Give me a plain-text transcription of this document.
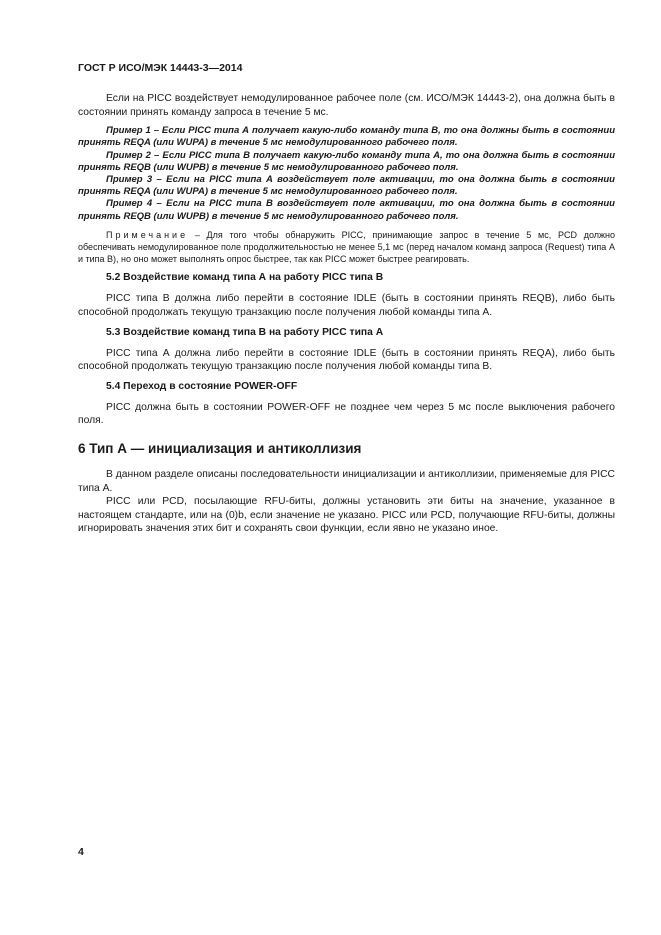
ГОСТ Р ИСО/МЭК 14443-3—2014

Если на PICC воздействует немодулированное рабочее поле (см. ИСО/МЭК 14443-2), она должна быть в состоянии принять команду запроса в течение 5 мс.

Пример 1 – Если PICC типа А получает какую-либо команду типа В, то она должны быть в состоянии принять REQA (или WUPA) в течение 5 мс немодулированного рабочего поля.

Пример 2 – Если PICC типа В получает какую-либо команду типа А, то она должна быть в состоянии принять REQB (или WUPB) в течение 5 мс немодулированного рабочего поля.

Пример 3 – Если на PICC типа А воздействует поле активации, то она должна быть в состоянии принять REQA (или WUPA) в течение 5 мс немодулированного рабочего поля.

Пример 4 – Если на PICC типа В воздействует поле активации, то она должна быть в состоянии принять REQB (или WUPB) в течение 5 мс немодулированного рабочего поля.

Примечание – Для того чтобы обнаружить PICC, принимающие запрос в течение 5 мс, PCD должно обеспечивать немодулированное поле продолжительностью не менее 5,1 мс (перед началом команд запроса (Request) типа А и типа В), но оно может выполнять опрос быстрее, так как PICC может быстрее реагировать.

5.2 Воздействие команд типа А на работу PICC типа В

PICC типа В должна либо перейти в состояние IDLE (быть в состоянии принять REQB), либо быть способной продолжать текущую транзакцию после получения любой команды типа А.

5.3 Воздействие команд типа В на работу PICC типа А

PICC типа А должна либо перейти в состояние IDLE (быть в состоянии принять REQA), либо быть способной продолжать текущую транзакцию после получения любой команды типа В.

5.4 Переход в состояние POWER-OFF

PICC должна быть в состоянии POWER-OFF не позднее чем через 5 мс после выключения рабочего поля.

6 Тип А — инициализация и антиколлизия

В данном разделе описаны последовательности инициализации и антиколлизии, применяемые для PICC типа А.

PICC или PCD, посылающие RFU-биты, должны установить эти биты на значение, указанное в настоящем стандарте, или на (0)b, если значение не указано. PICC или PCD, получающие RFU-биты, должны игнорировать значения этих бит и сохранять свои функции, если явно не указано иное.

4
